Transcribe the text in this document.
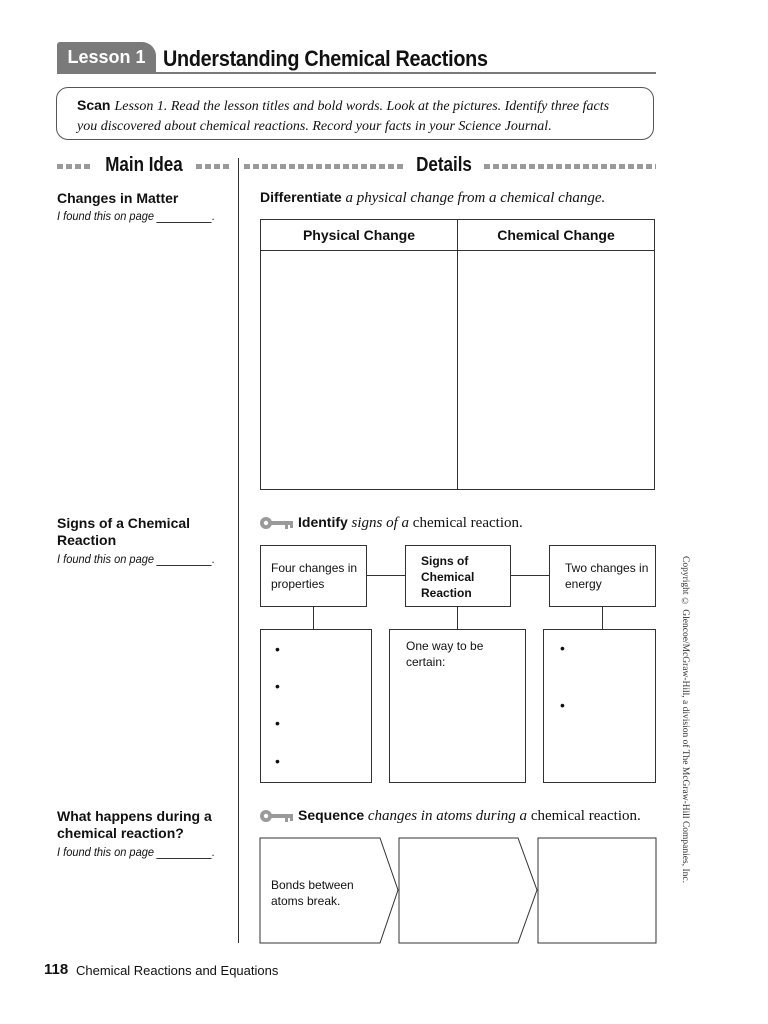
Lesson 1 Understanding Chemical Reactions
Scan Lesson 1. Read the lesson titles and bold words. Look at the pictures. Identify three facts
you discovered about chemical reactions. Record your facts in your Science Journal.
Main Idea	Details
Changes in Matter
I found this on page	.
Differentiate a physical change from a chemical change.
Physical Change	Chemical Change
Signs of a Chemical Reaction
I found this on page	.
Identify signs of a chemical reaction.
Four changes in properties
Signs of Chemical Reaction
Two changes in energy
•
•
•
•
One way to be certain:
•
•
What happens during a chemical reaction?
I found this on page	.
Sequence changes in atoms during a chemical reaction.
Bonds between atoms break.
118 Chemical Reactions and Equations
Copyright © Glencoe/McGraw-Hill, a division of The McGraw-Hill Companies, Inc.
